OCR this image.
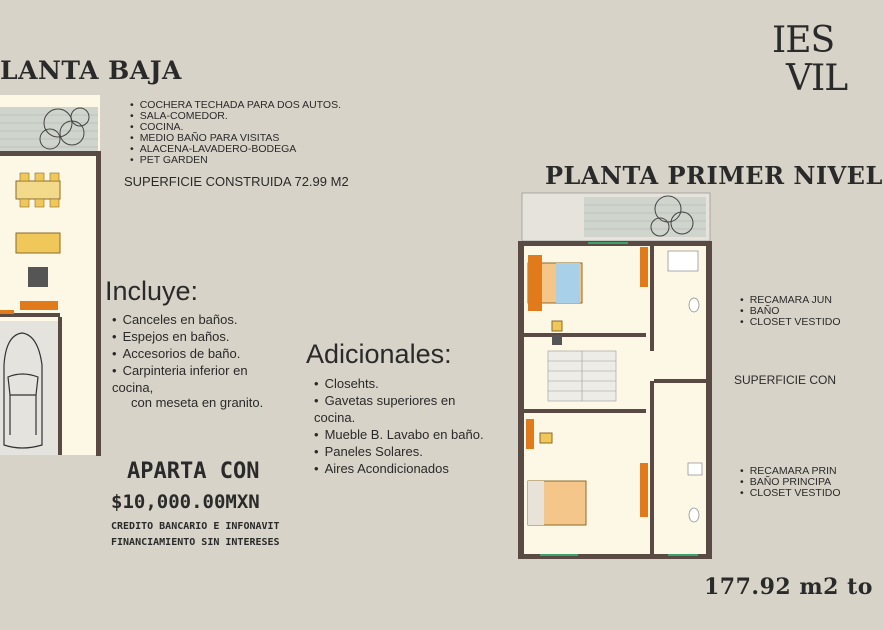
LANTA BAJA
• COCHERA TECHADA PARA DOS AUTOS.
• SALA-COMEDOR.
• COCINA.
• MEDIO BAÑO PARA VISITAS
• ALACENA-LAVADERO-BODEGA
• PET GARDEN
SUPERFICIE CONSTRUIDA 72.99 M2
Incluye:
• Canceles en baños.
• Espejos en baños.
• Accesorios de baño.
• Carpinteria inferior en cocina,
con meseta en granito.
Adicionales:
• Closehts.
• Gavetas superiores en cocina.
• Mueble B. Lavabo en baño.
• Paneles Solares.
• Aires Acondicionados
APARTA CON
$10,000.00MXN
CREDITO BANCARIO E INFONAVIT
FINANCIAMIENTO SIN INTERESES
PLANTA PRIMER NIVEL
• RECAMARA JUN
• BAÑO
• CLOSET VESTIDO
SUPERFICIE CON
• RECAMARA PRIN
• BAÑO PRINCIPA
• CLOSET VESTIDO
177.92 m2 to
IES
VIL
